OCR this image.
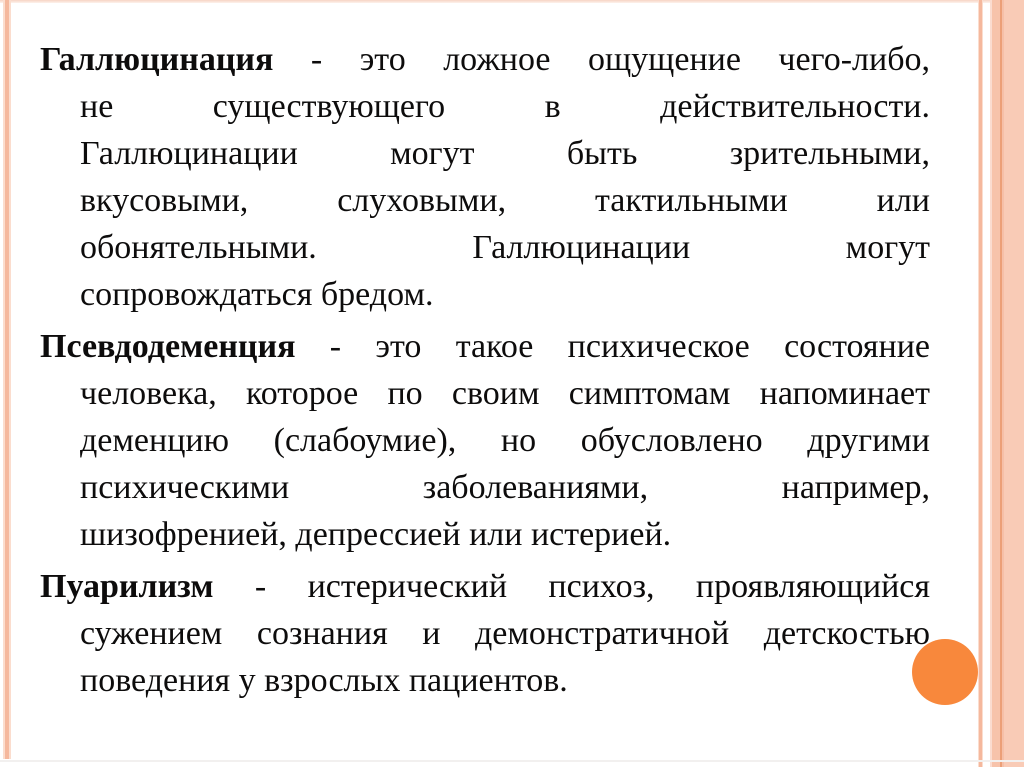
Галлюцинация - это ложное ощущение чего-либо,
не существующего в действительности.
Галлюцинации могут быть зрительными,
вкусовыми, слуховыми, тактильными или
обонятельными. Галлюцинации могут
сопровождаться бредом.
Псевдодеменция - это такое психическое состояние
человека, которое по своим симптомам напоминает
деменцию (слабоумие), но обусловлено другими
психическими заболеваниями, например,
шизофренией, депрессией или истерией.
Пуарилизм - истерический психоз, проявляющийся
сужением сознания и демонстратичной детскостью
поведения у взрослых пациентов.
